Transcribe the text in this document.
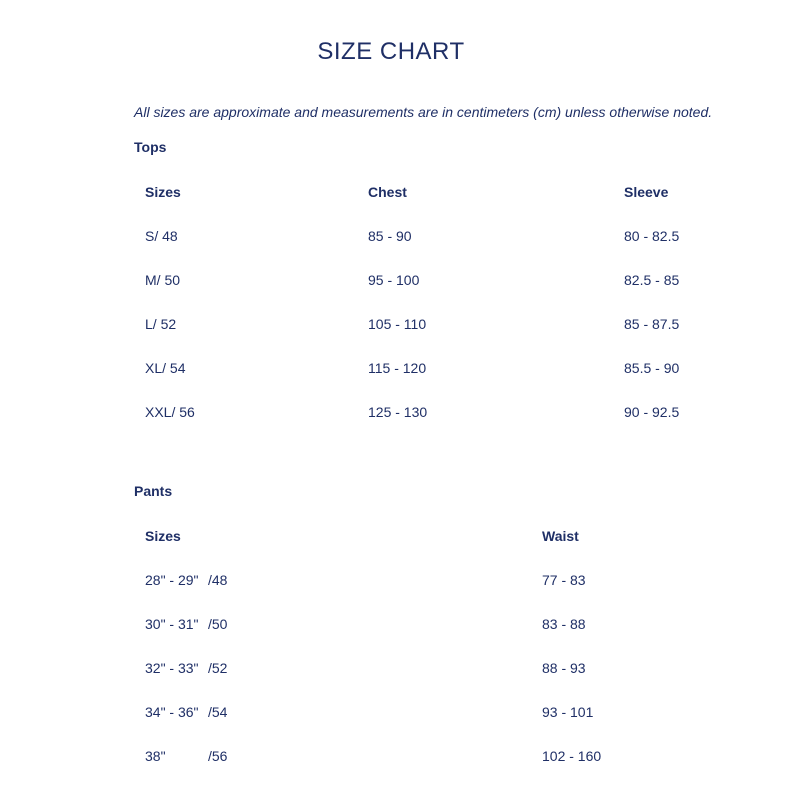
SIZE CHART
All sizes are approximate and measurements are in centimeters (cm) unless otherwise noted.
Tops
Sizes	Chest	Sleeve
S/ 48	85 - 90	80 - 82.5
M/ 50	95 - 100	82.5 - 85
L/ 52	105 - 110	85 - 87.5
XL/ 54	115 - 120	85.5 - 90
XXL/ 56	125 - 130	90 - 92.5
Pants
Sizes	Waist
28" - 29" /48	77 - 83
30" - 31" /50	83 - 88
32" - 33" /52	88 - 93
34" - 36" /54	93 - 101
38"	/56	102 - 160
